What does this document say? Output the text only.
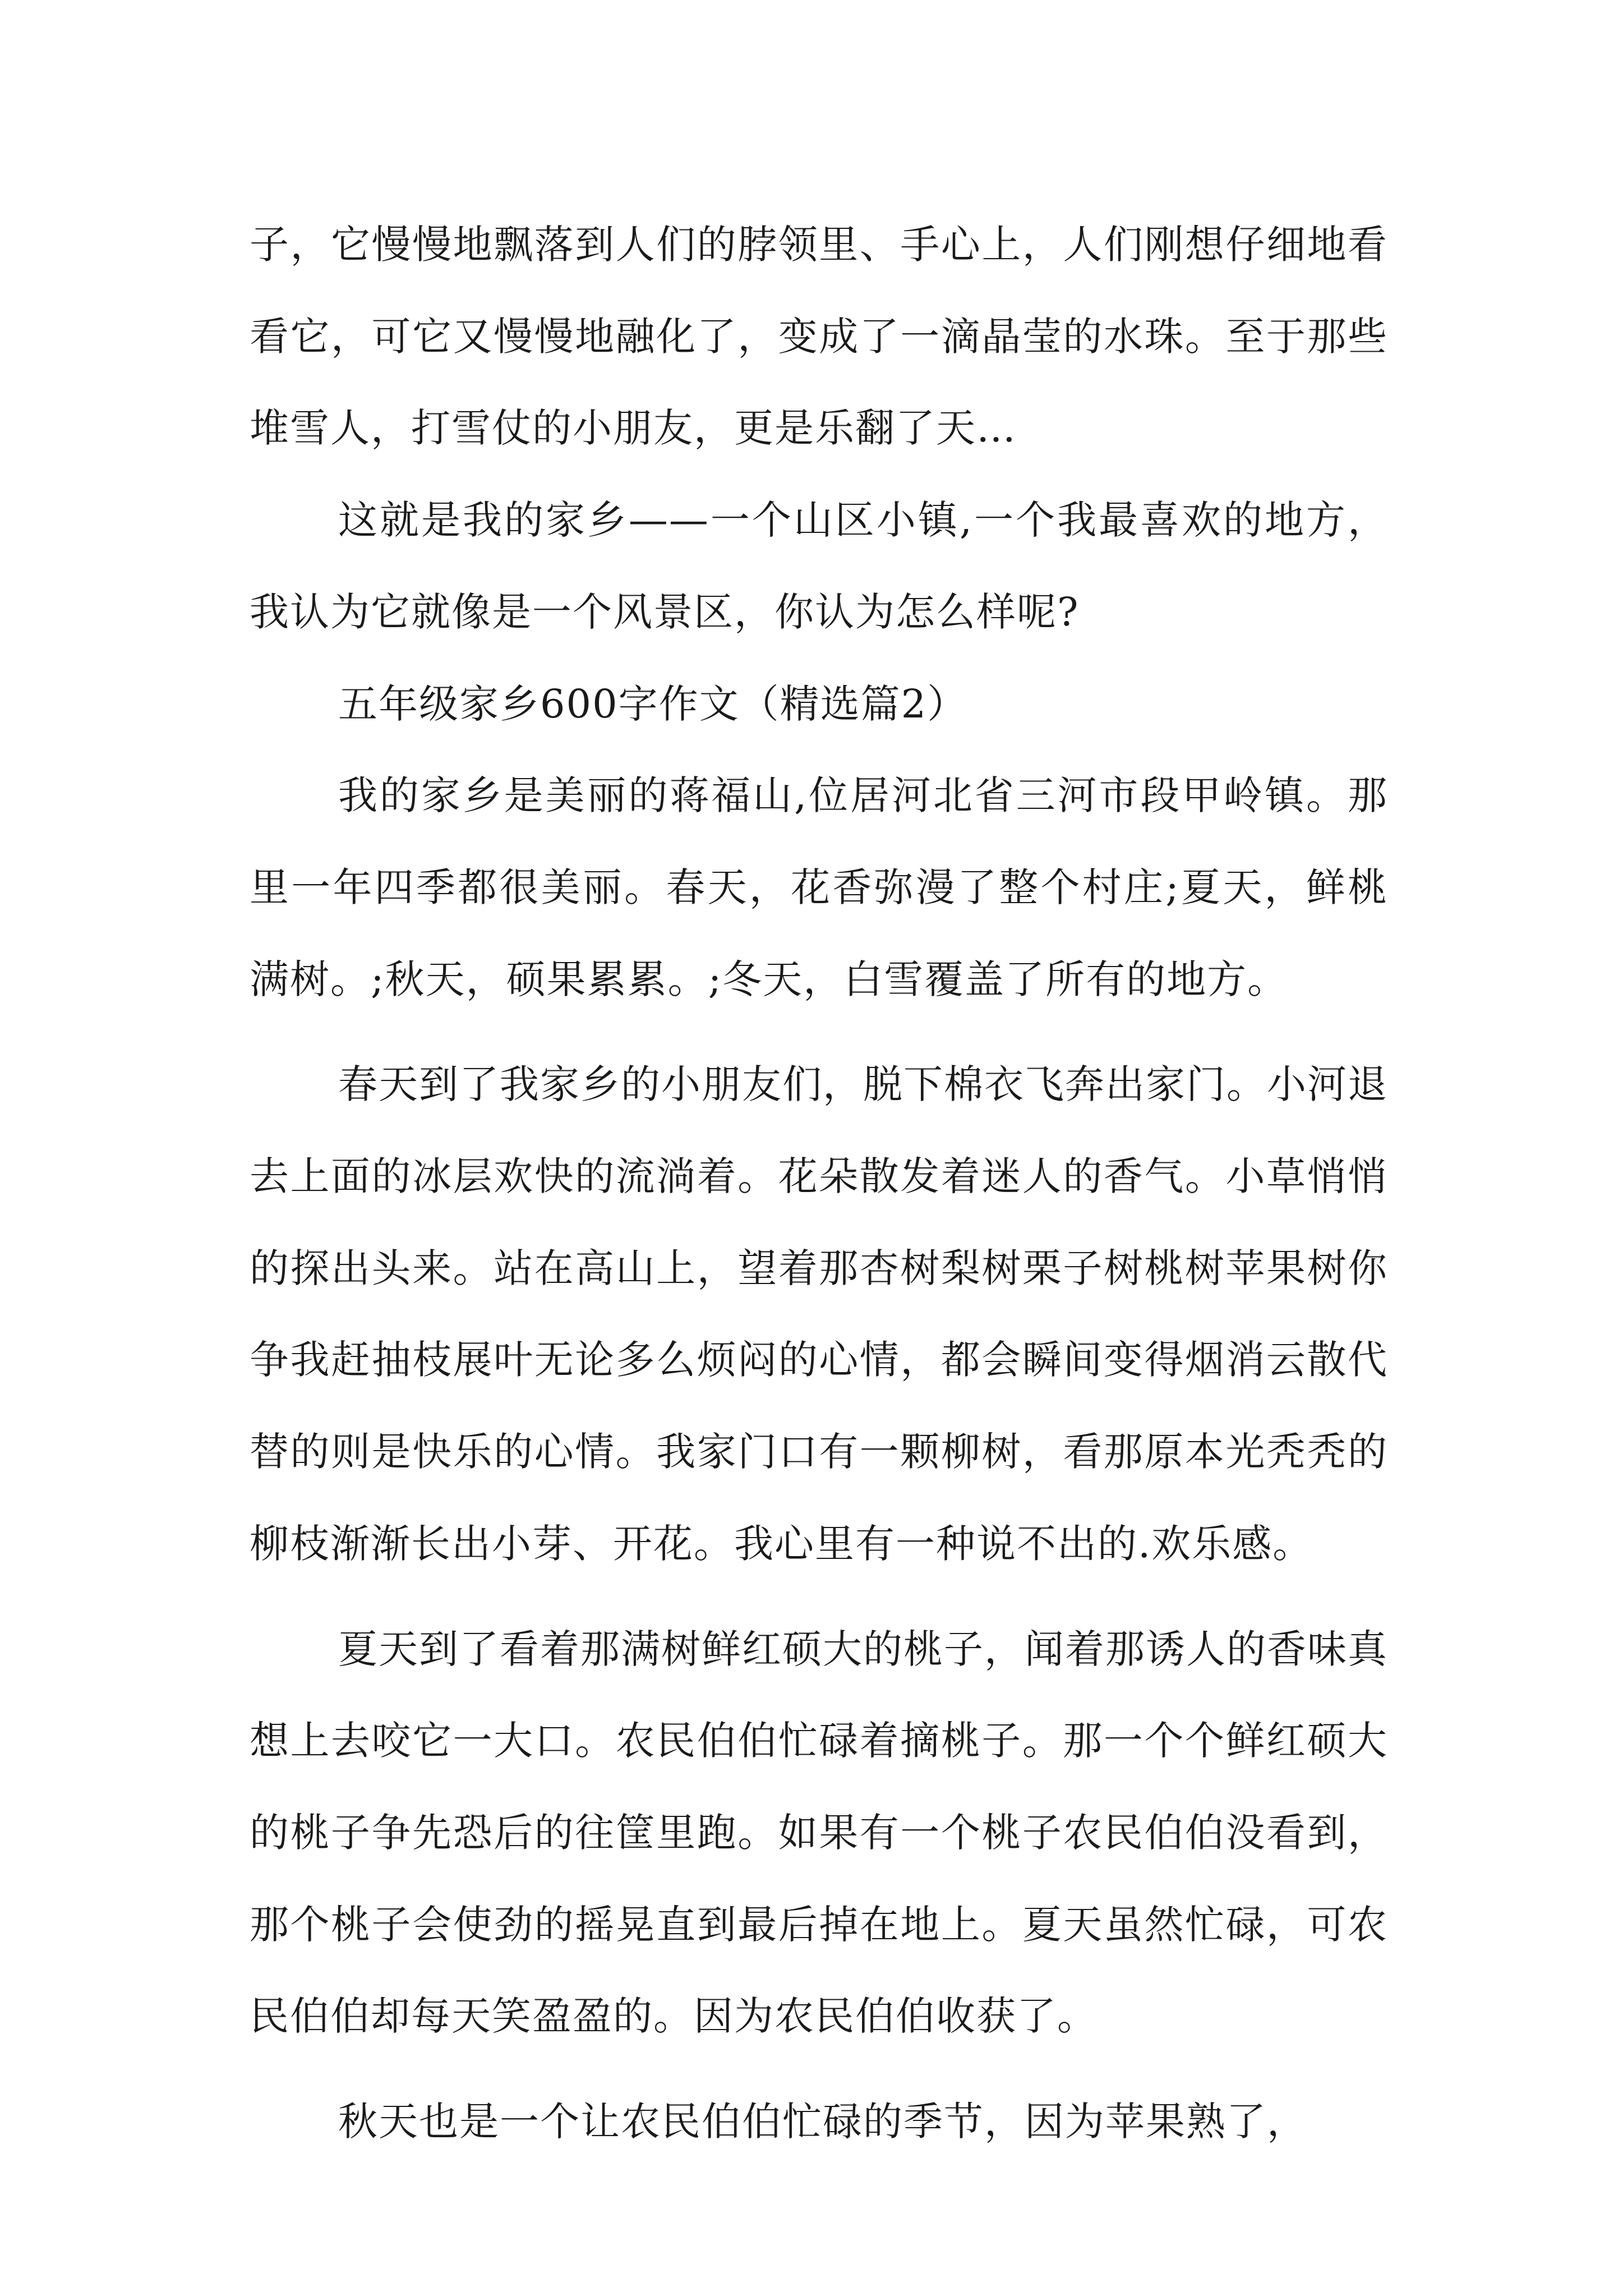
子，它慢慢地飘落到人们的脖领里、手心上，人们刚想仔细地看看它，可它又慢慢地融化了，变成了一滴晶莹的水珠。至于那些堆雪人，打雪仗的小朋友，更是乐翻了天…

这就是我的家乡——一个山区小镇,一个我最喜欢的地方，我认为它就像是一个风景区，你认为怎么样呢?

五年级家乡600字作文（精选篇2）

我的家乡是美丽的蒋福山,位居河北省三河市段甲岭镇。那里一年四季都很美丽。春天，花香弥漫了整个村庄;夏天，鲜桃满树。;秋天，硕果累累。;冬天，白雪覆盖了所有的地方。

春天到了我家乡的小朋友们，脱下棉衣飞奔出家门。小河退去上面的冰层欢快的流淌着。花朵散发着迷人的香气。小草悄悄的探出头来。站在高山上，望着那杏树梨树栗子树桃树苹果树你争我赶抽枝展叶无论多么烦闷的心情，都会瞬间变得烟消云散代替的则是快乐的心情。我家门口有一颗柳树，看那原本光秃秃的柳枝渐渐长出小芽、开花。我心里有一种说不出的.欢乐感。

夏天到了看着那满树鲜红硕大的桃子，闻着那诱人的香味真想上去咬它一大口。农民伯伯忙碌着摘桃子。那一个个鲜红硕大的桃子争先恐后的往筐里跑。如果有一个桃子农民伯伯没看到，那个桃子会使劲的摇晃直到最后掉在地上。夏天虽然忙碌，可农民伯伯却每天笑盈盈的。因为农民伯伯收获了。

秋天也是一个让农民伯伯忙碌的季节，因为苹果熟了，
